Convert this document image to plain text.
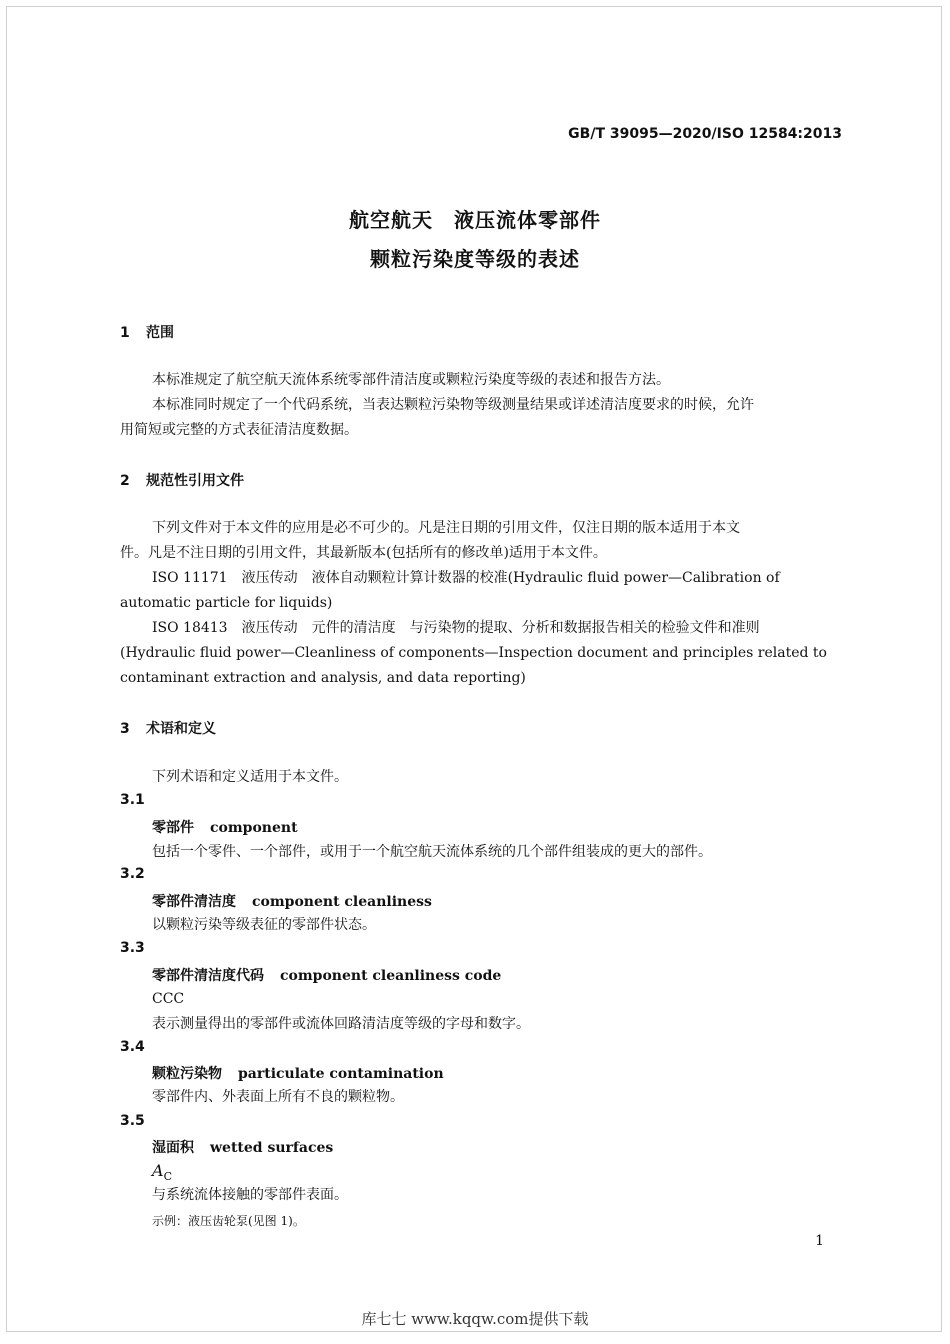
GB/T 39095—2020/ISO 12584:2013
航空航天　液压流体零部件
颗粒污染度等级的表述
1 范围
本标准规定了航空航天流体系统零部件清洁度或颗粒污染度等级的表述和报告方法。
本标准同时规定了一个代码系统，当表达颗粒污染物等级测量结果或详述清洁度要求的时候，允许
用简短或完整的方式表征清洁度数据。
2 规范性引用文件
下列文件对于本文件的应用是必不可少的。凡是注日期的引用文件，仅注日期的版本适用于本文
件。凡是不注日期的引用文件，其最新版本(包括所有的修改单)适用于本文件。
ISO 11171　液压传动　液体自动颗粒计算计数器的校准(Hydraulic fluid power—Calibration of
automatic particle for liquids)
ISO 18413　液压传动　元件的清洁度　与污染物的提取、分析和数据报告相关的检验文件和准则
(Hydraulic fluid power—Cleanliness of components—Inspection document and principles related to
contaminant extraction and analysis, and data reporting)
3 术语和定义
下列术语和定义适用于本文件。
3.1
零部件 component
包括一个零件、一个部件，或用于一个航空航天流体系统的几个部件组装成的更大的部件。
3.2
零部件清洁度 component cleanliness
以颗粒污染等级表征的零部件状态。
3.3
零部件清洁度代码 component cleanliness code
CCC
表示测量得出的零部件或流体回路清洁度等级的字母和数字。
3.4
颗粒污染物 particulate contamination
零部件内、外表面上所有不良的颗粒物。
3.5
湿面积 wetted surfaces
$A_C$
与系统流体接触的零部件表面。
示例：液压齿轮泵(见图 1)。
1
库七七 www.kqqw.com提供下载
